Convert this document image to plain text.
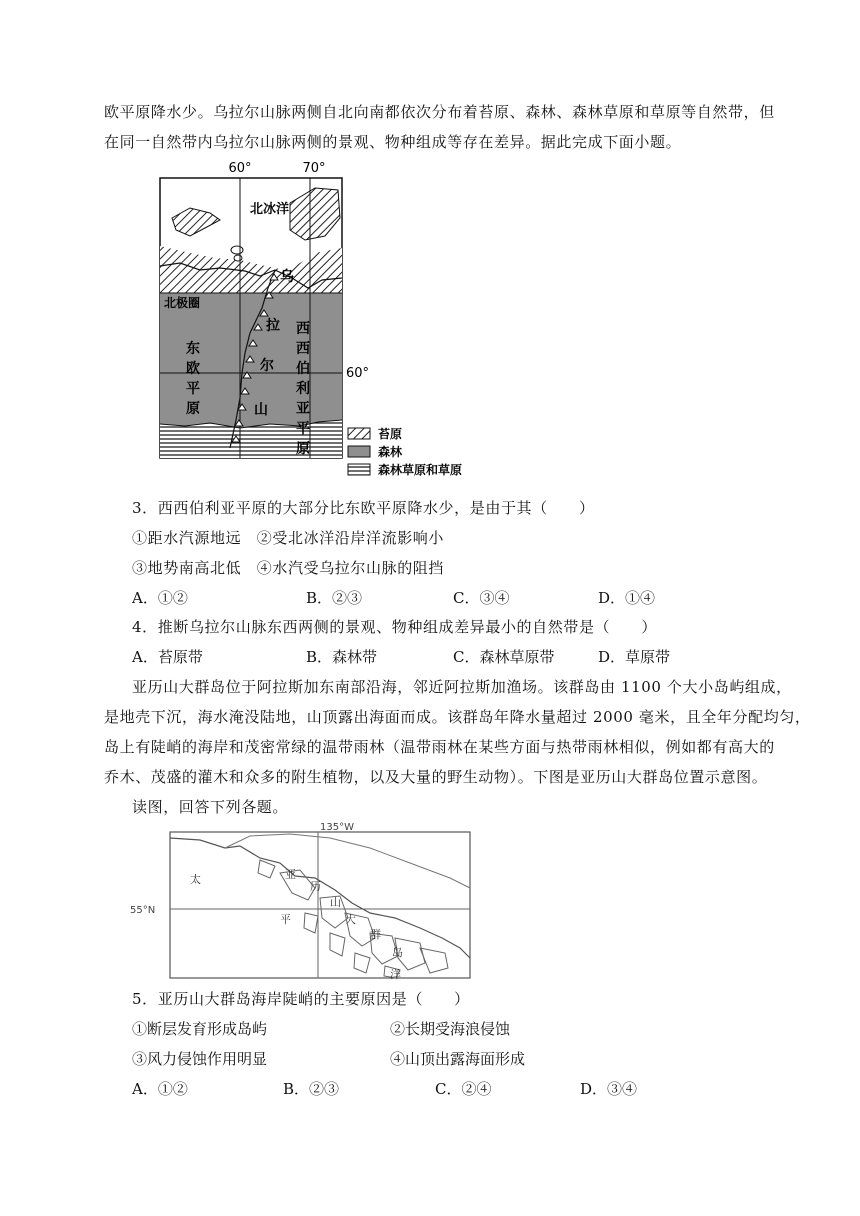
欧平原降水少。乌拉尔山脉两侧自北向南都依次分布着苔原、森林、森林草原和草原等自然带，但
在同一自然带内乌拉尔山脉两侧的景观、物种组成等存在差异。据此完成下面小题。
60°	70°
60°
北冰洋
北极圈
东
欧
平
原
乌
拉
尔
山
西
西
伯
利
亚
平
原
苔原
森林
森林草原和草原
3．西西伯利亚平原的大部分比东欧平原降水少，是由于其（　　）
①距水汽源地远　②受北冰洋沿岸洋流影响小
③地势南高北低　④水汽受乌拉尔山脉的阻挡
A．①②	B．②③	C．③④	D．①④
4．推断乌拉尔山脉东西两侧的景观、物种组成差异最小的自然带是（　　）
A．苔原带	B．森林带	C．森林草原带	D．草原带
亚历山大群岛位于阿拉斯加东南部沿海，邻近阿拉斯加渔场。该群岛由 1100 个大小岛屿组成，
是地壳下沉，海水淹没陆地，山顶露出海面而成。该群岛年降水量超过 2000 毫米，且全年分配均匀，
岛上有陡峭的海岸和茂密常绿的温带雨林（温带雨林在某些方面与热带雨林相似，例如都有高大的
乔木、茂盛的灌木和众多的附生植物，以及大量的野生动物）。下图是亚历山大群岛位置示意图。
读图，回答下列各题。
135°W
55°N
太
平
洋
亚
历
山
大
群
岛
5．亚历山大群岛海岸陡峭的主要原因是（　　）
①断层发育形成岛屿	②长期受海浪侵蚀
③风力侵蚀作用明显	④山顶出露海面形成
A．①②	B．②③	C．②④	D．③④
